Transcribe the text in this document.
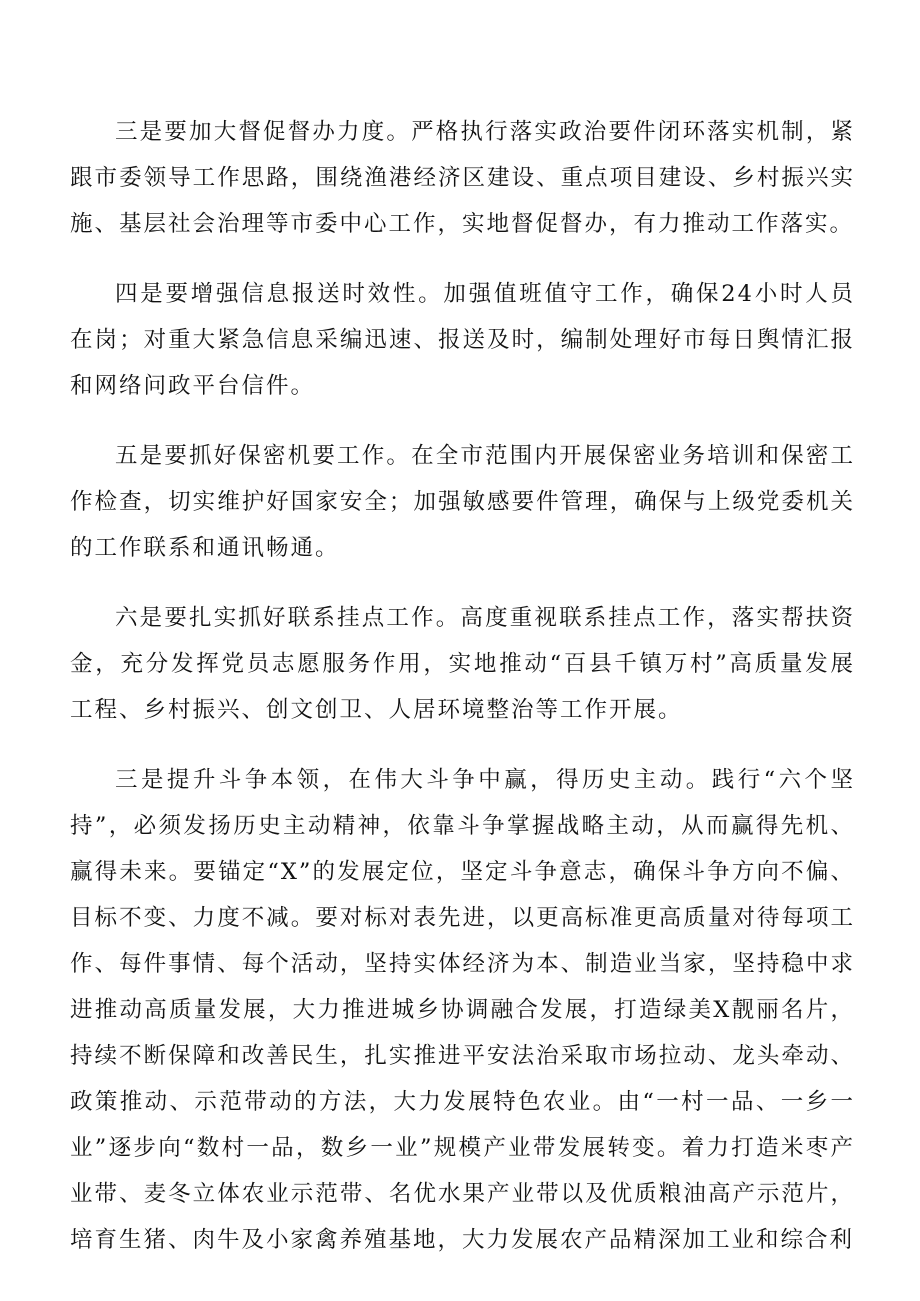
三是要加大督促督办力度。严格执行落实政治要件闭环落实机制，紧跟市委领导工作思路，围绕渔港经济区建设、重点项目建设、乡村振兴实施、基层社会治理等市委中心工作，实地督促督办，有力推动工作落实。

四是要增强信息报送时效性。加强值班值守工作，确保24小时人员在岗；对重大紧急信息采编迅速、报送及时，编制处理好市每日舆情汇报和网络问政平台信件。

五是要抓好保密机要工作。在全市范围内开展保密业务培训和保密工作检查，切实维护好国家安全；加强敏感要件管理，确保与上级党委机关的工作联系和通讯畅通。

六是要扎实抓好联系挂点工作。高度重视联系挂点工作，落实帮扶资金，充分发挥党员志愿服务作用，实地推动“百县千镇万村”高质量发展工程、乡村振兴、创文创卫、人居环境整治等工作开展。

三是提升斗争本领，在伟大斗争中赢，得历史主动。践行“六个坚持”，必须发扬历史主动精神，依靠斗争掌握战略主动，从而赢得先机、赢得未来。要锚定“X”的发展定位，坚定斗争意志，确保斗争方向不偏、目标不变、力度不减。要对标对表先进，以更高标准更高质量对待每项工作、每件事情、每个活动，坚持实体经济为本、制造业当家，坚持稳中求进推动高质量发展，大力推进城乡协调融合发展，打造绿美X靓丽名片，持续不断保障和改善民生，扎实推进平安法治采取市场拉动、龙头牵动、政策推动、示范带动的方法，大力发展特色农业。由“一村一品、一乡一业”逐步向“数村一品，数乡一业”规模产业带发展转变。着力打造米枣产业带、麦冬立体农业示范带、名优水果产业带以及优质粮油高产示范片，培育生猪、肉牛及小家禽养殖基地，大力发展农产品精深加工业和综合利
